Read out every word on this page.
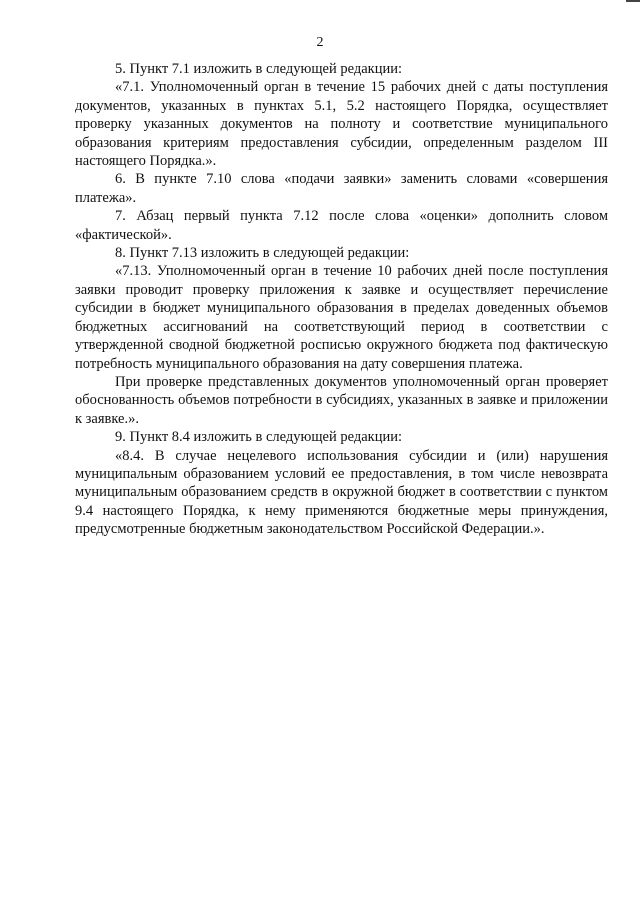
2

5. Пункт 7.1 изложить в следующей редакции:

«7.1. Уполномоченный орган в течение 15 рабочих дней с даты поступления документов, указанных в пунктах 5.1, 5.2 настоящего Порядка, осуществляет проверку указанных документов на полноту и соответствие муниципального образования критериям предоставления субсидии, определенным разделом III настоящего Порядка.».

6. В пункте 7.10 слова «подачи заявки» заменить словами «совершения платежа».

7. Абзац первый пункта 7.12 после слова «оценки» дополнить словом «фактической».

8. Пункт 7.13 изложить в следующей редакции:

«7.13. Уполномоченный орган в течение 10 рабочих дней после поступления заявки проводит проверку приложения к заявке и осуществляет перечисление субсидии в бюджет муниципального образования в пределах доведенных объемов бюджетных ассигнований на соответствующий период в соответствии с утвержденной сводной бюджетной росписью окружного бюджета под фактическую потребность муниципального образования на дату совершения платежа.

При проверке представленных документов уполномоченный орган проверяет обоснованность объемов потребности в субсидиях, указанных в заявке и приложении к заявке.».

9. Пункт 8.4 изложить в следующей редакции:

«8.4. В случае нецелевого использования субсидии и (или) нарушения муниципальным образованием условий ее предоставления, в том числе невозврата муниципальным образованием средств в окружной бюджет в соответствии с пунктом 9.4 настоящего Порядка, к нему применяются бюджетные меры принуждения, предусмотренные бюджетным законодательством Российской Федерации.».
